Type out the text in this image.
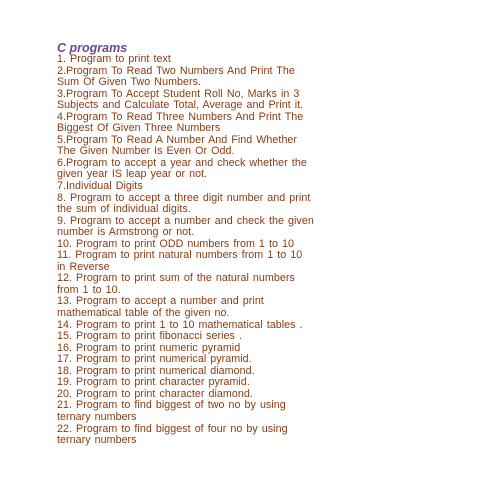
C programs
1. Program to print text
2.Program To Read Two Numbers And Print The
Sum Of Given Two Numbers.
3.Program To Accept Student Roll No, Marks in 3
Subjects and Calculate Total, Average and Print it.
4.Program To Read Three Numbers And Print The
Biggest Of Given Three Numbers
5.Program To Read A Number And Find Whether
The Given Number Is Even Or Odd.
6.Program to accept a year and check whether the
given year IS leap year or not.
7.Individual Digits
8. Program to accept a three digit number and print
the sum of individual digits.
9. Program to accept a number and check the given
number is Armstrong or not.
10. Program to print ODD numbers from 1 to 10
11. Program to print natural numbers from 1 to 10
in Reverse
12. Program to print sum of the natural numbers
from 1 to 10.
13. Program to accept a number and print
mathematical table of the given no.
14. Program to print 1 to 10 mathematical tables .
15. Program to print fibonacci series .
16. Program to print numeric pyramid
17. Program to print numerical pyramid.
18. Program to print numerical diamond.
19. Program to print character pyramid.
20. Program to print character diamond.
21. Program to find biggest of two no by using
ternary numbers
22. Program to find biggest of four no by using
ternary numbers
